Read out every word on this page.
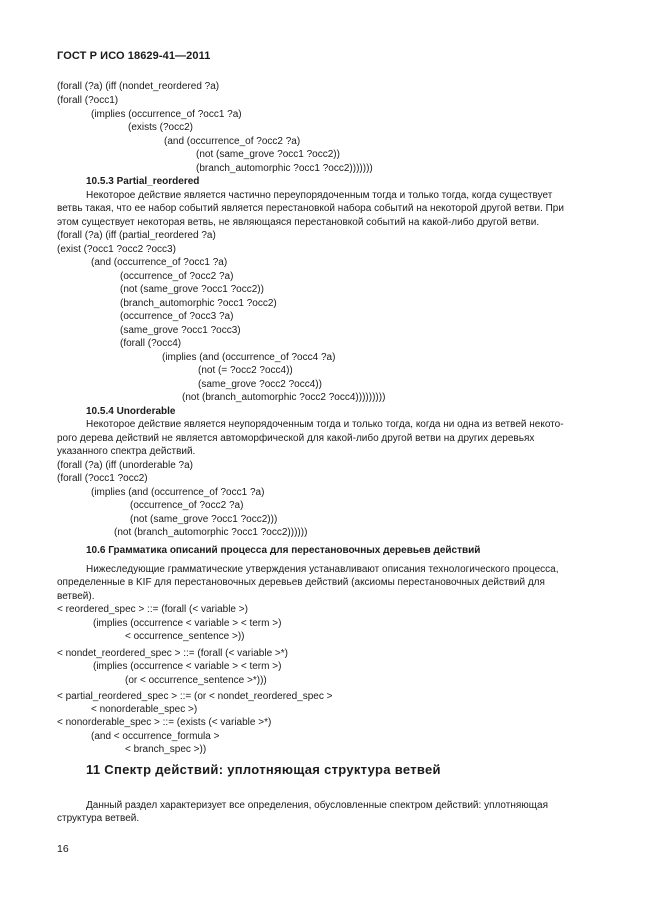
ГОСТ Р ИСО 18629-41—2011
(forall (?a) (iff (nondet_reordered ?a)
(forall (?occ1)
(implies (occurrence_of ?occ1 ?a)
(exists (?occ2)
(and (occurrence_of ?occ2 ?a)
(not (same_grove ?occ1 ?occ2))
(branch_automorphic ?occ1 ?occ2)))))))
10.5.3 Partial_reordered
Некоторое действие является частично переупорядоченным тогда и только тогда, когда существует
ветвь такая, что ее набор событий является перестановкой набора событий на некоторой другой ветви. При
этом существует некоторая ветвь, не являющаяся перестановкой событий на какой-либо другой ветви.
(forall (?a) (iff (partial_reordered ?a)
(exist (?occ1 ?occ2 ?occ3)
(and (occurrence_of ?occ1 ?a)
(occurrence_of ?occ2 ?a)
(not (same_grove ?occ1 ?occ2))
(branch_automorphic ?occ1 ?occ2)
(occurrence_of ?occ3 ?a)
(same_grove ?occ1 ?occ3)
(forall (?occ4)
(implies (and (occurrence_of ?occ4 ?a)
(not (= ?occ2 ?occ4))
(same_grove ?occ2 ?occ4))
(not (branch_automorphic ?occ2 ?occ4)))))))))
10.5.4 Unorderable
Некоторое действие является неупорядоченным тогда и только тогда, когда ни одна из ветвей некото-
рого дерева действий не является автоморфической для какой-либо другой ветви на других деревьях
указанного спектра действий.
(forall (?a) (iff (unorderable ?a)
(forall (?occ1 ?occ2)
(implies (and (occurrence_of ?occ1 ?a)
(occurrence_of ?occ2 ?a)
(not (same_grove ?occ1 ?occ2)))
(not (branch_automorphic ?occ1 ?occ2))))))
10.6 Грамматика описаний процесса для перестановочных деревьев действий
Нижеследующие грамматические утверждения устанавливают описания технологического процесса,
определенные в KIF для перестановочных деревьев действий (аксиомы перестановочных действий для
ветвей).
< reordered_spec > ::= (forall (< variable >)
(implies (occurrence < variable > < term >)
< occurrence_sentence >))
< nondet_reordered_spec > ::= (forall (< variable >*)
(implies (occurrence < variable > < term >)
(or < occurrence_sentence >*)))
< partial_reordered_spec > ::= (or < nondet_reordered_spec >
< nonorderable_spec >)
< nonorderable_spec > ::= (exists (< variable >*)
(and < occurrence_formula >
< branch_spec >))
Данный раздел характеризует все определения, обусловленные спектром действий: уплотняющая
структура ветвей.
11 Спектр действий: уплотняющая структура ветвей
16
